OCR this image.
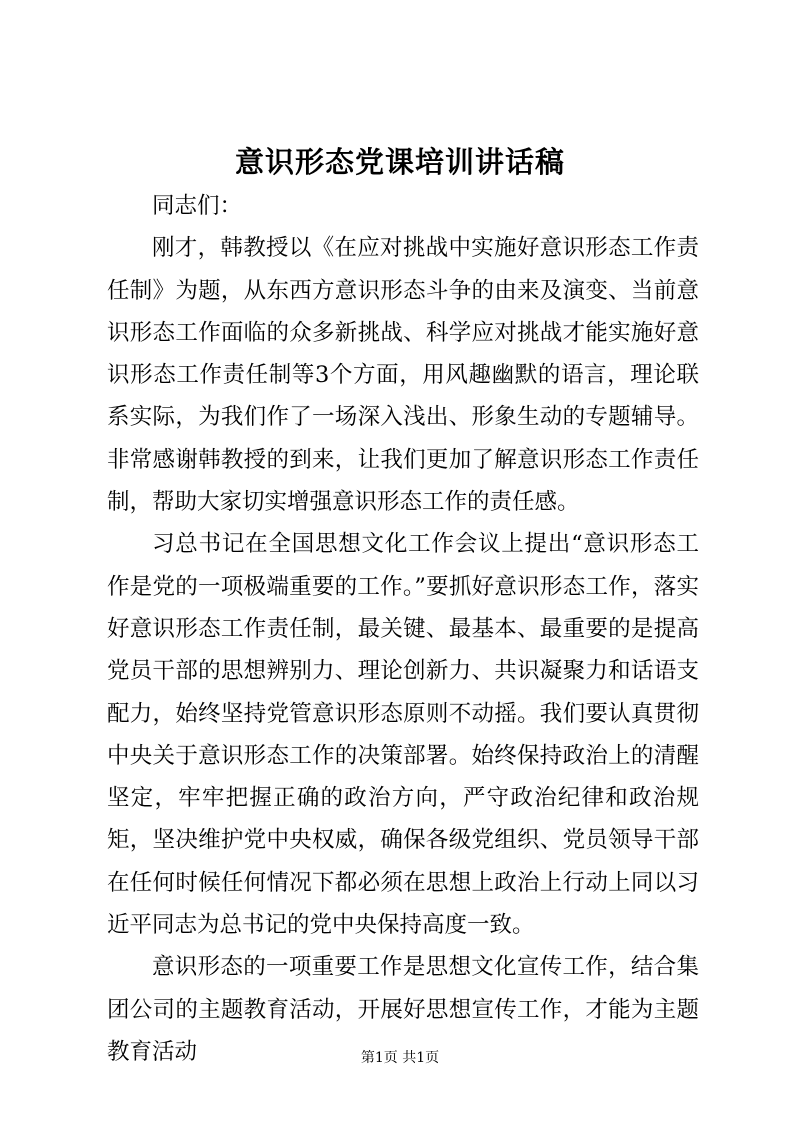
意识形态党课培训讲话稿

同志们：

刚才，韩教授以《在应对挑战中实施好意识形态工作责任制》为题，从东西方意识形态斗争的由来及演变、当前意识形态工作面临的众多新挑战、科学应对挑战才能实施好意识形态工作责任制等3个方面，用风趣幽默的语言，理论联系实际，为我们作了一场深入浅出、形象生动的专题辅导。非常感谢韩教授的到来，让我们更加了解意识形态工作责任制，帮助大家切实增强意识形态工作的责任感。

习总书记在全国思想文化工作会议上提出“意识形态工作是党的一项极端重要的工作。”要抓好意识形态工作，落实好意识形态工作责任制，最关键、最基本、最重要的是提高党员干部的思想辨别力、理论创新力、共识凝聚力和话语支配力，始终坚持党管意识形态原则不动摇。我们要认真贯彻中央关于意识形态工作的决策部署。始终保持政治上的清醒坚定，牢牢把握正确的政治方向，严守政治纪律和政治规矩，坚决维护党中央权威，确保各级党组织、党员领导干部在任何时候任何情况下都必须在思想上政治上行动上同以习近平同志为总书记的党中央保持高度一致。

意识形态的一项重要工作是思想文化宣传工作，结合集团公司的主题教育活动，开展好思想宣传工作，才能为主题教育活动	第1页 共1页
